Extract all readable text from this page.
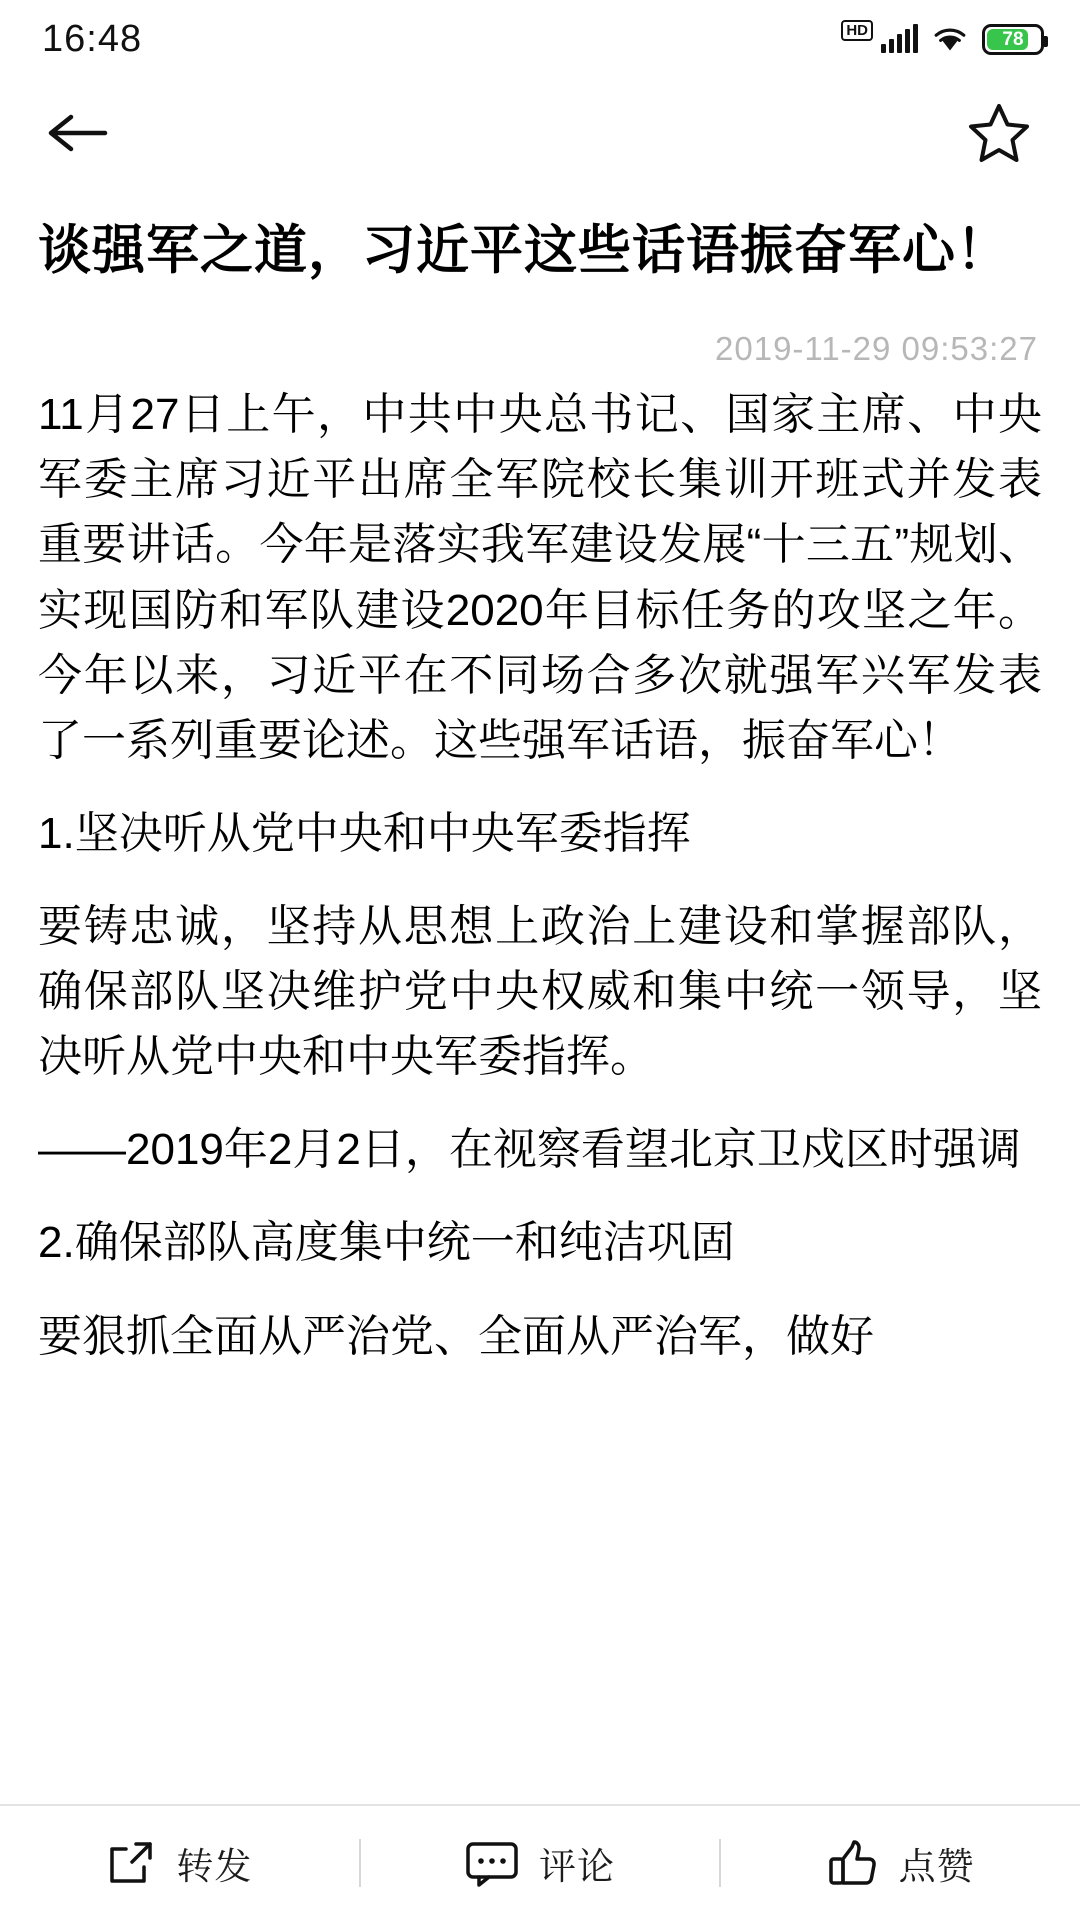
16:48	HD	78
谈强军之道，习近平这些话语振奋军心！
2019-11-29 09:53:27

11月27日上午，中共中央总书记、国家主席、中央军委主席习近平出席全军院校长集训开班式并发表重要讲话。今年是落实我军建设发展“十三五”规划、实现国防和军队建设2020年目标任务的攻坚之年。今年以来，习近平在不同场合多次就强军兴军发表了一系列重要论述。这些强军话语，振奋军心！

1.坚决听从党中央和中央军委指挥

要铸忠诚，坚持从思想上政治上建设和掌握部队，确保部队坚决维护党中央权威和集中统一领导，坚决听从党中央和中央军委指挥。

——2019年2月2日，在视察看望北京卫戍区时强调

2.确保部队高度集中统一和纯洁巩固

要狠抓全面从严治党、全面从严治军，做好

转发	评论	点赞
